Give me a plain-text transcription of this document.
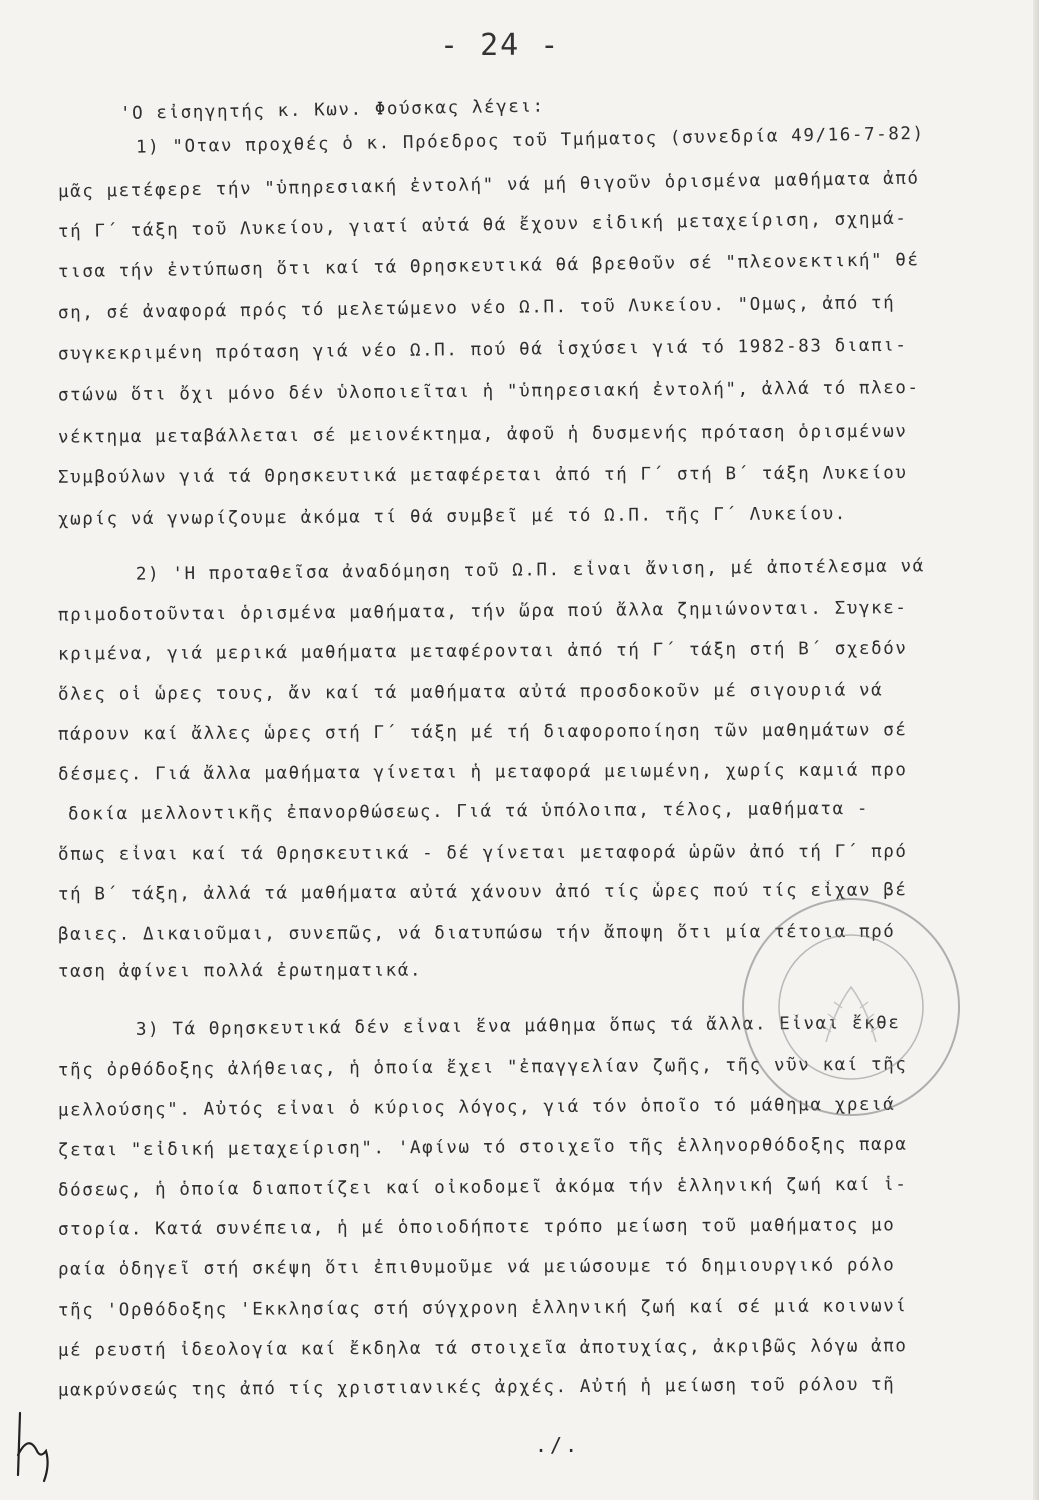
- 24 -
'Ο εἰσηγητής κ. Κων. Φούσκας λέγει:
1) "Οταν προχθές ὁ κ. Πρόεδρος τοῦ Τμήματος (συνεδρία 49/16-7-82)
μᾶς μετέφερε τήν "ὑπηρεσιακή ἐντολή" νά μή θιγοῦν ὁρισμένα μαθήματα ἀπό
τή Γ΄ τάξη τοῦ Λυκείου, γιατί αὐτά θά ἔχουν εἰδική μεταχείριση, σχημά-
τισα τήν ἐντύπωση ὅτι καί τά Θρησκευτικά θά βρεθοῦν σέ "πλεονεκτική" θέ
ση, σέ ἀναφορά πρός τό μελετώμενο νέο Ω.Π. τοῦ Λυκείου. "Ομως, ἀπό τή
συγκεκριμένη πρόταση γιά νέο Ω.Π. πού θά ἰσχύσει γιά τό 1982-83 διαπι-
στώνω ὅτι ὄχι μόνο δέν ὑλοποιεῖται ἡ "ὑπηρεσιακή ἐντολή", ἀλλά τό πλεο-
νέκτημα μεταβάλλεται σέ μειονέκτημα, ἀφοῦ ἡ δυσμενής πρόταση ὁρισμένων
Συμβούλων γιά τά Θρησκευτικά μεταφέρεται ἀπό τή Γ΄ στή Β΄ τάξη Λυκείου
χωρίς νά γνωρίζουμε ἀκόμα τί θά συμβεῖ μέ τό Ω.Π. τῆς Γ΄ Λυκείου.
2) 'Η προταθεῖσα ἀναδόμηση τοῦ Ω.Π. εἶναι ἄνιση, μέ ἀποτέλεσμα νά
πριμοδοτοῦνται ὁρισμένα μαθήματα, τήν ὥρα πού ἄλλα ζημιώνονται. Συγκε-
κριμένα, γιά μερικά μαθήματα μεταφέρονται ἀπό τή Γ΄ τάξη στή Β΄ σχεδόν
ὅλες οἱ ὧρες τους, ἄν καί τά μαθήματα αὐτά προσδοκοῦν μέ σιγουριά νά
πάρουν καί ἄλλες ὧρες στή Γ΄ τάξη μέ τή διαφοροποίηση τῶν μαθημάτων σέ
δέσμες. Γιά ἄλλα μαθήματα γίνεται ἡ μεταφορά μειωμένη, χωρίς καμιά προ
δοκία μελλοντικῆς ἐπανορθώσεως. Γιά τά ὑπόλοιπα, τέλος, μαθήματα -
ὅπως εἶναι καί τά Θρησκευτικά - δέ γίνεται μεταφορά ὡρῶν ἀπό τή Γ΄ πρό
τή Β΄ τάξη, ἀλλά τά μαθήματα αὐτά χάνουν ἀπό τίς ὧρες πού τίς εἶχαν βέ
βαιες. Δικαιοῦμαι, συνεπῶς, νά διατυπώσω τήν ἄποψη ὅτι μία τέτοια πρό
ταση ἀφίνει πολλά ἐρωτηματικά.
3) Τά Θρησκευτικά δέν εἶναι ἕνα μάθημα ὅπως τά ἄλλα. Εἶναι ἔκθε
τῆς ὀρθόδοξης ἀλήθειας, ἡ ὁποία ἔχει "ἐπαγγελίαν ζωῆς, τῆς νῦν καί τῆς
μελλούσης". Αὐτός εἶναι ὁ κύριος λόγος, γιά τόν ὁποῖο τό μάθημα χρειά
ζεται "εἰδική μεταχείριση". 'Αφίνω τό στοιχεῖο τῆς ἑλληνορθόδοξης παρα
δόσεως, ἡ ὁποία διαποτίζει καί οἰκοδομεῖ ἀκόμα τήν ἑλληνική ζωή καί ἱ-
στορία. Κατά συνέπεια, ἡ μέ ὁποιοδήποτε τρόπο μείωση τοῦ μαθήματος μο
ραία ὁδηγεῖ στή σκέψη ὅτι ἐπιθυμοῦμε νά μειώσουμε τό δημιουργικό ρόλο
τῆς 'Ορθόδοξης 'Εκκλησίας στή σύγχρονη ἑλληνική ζωή καί σέ μιά κοινωνί
μέ ρευστή ἰδεολογία καί ἔκδηλα τά στοιχεῖα ἀποτυχίας, ἀκριβῶς λόγω ἀπο
μακρύνσεώς της ἀπό τίς χριστιανικές ἀρχές. Αὐτή ἡ μείωση τοῦ ρόλου τῆ
./.
